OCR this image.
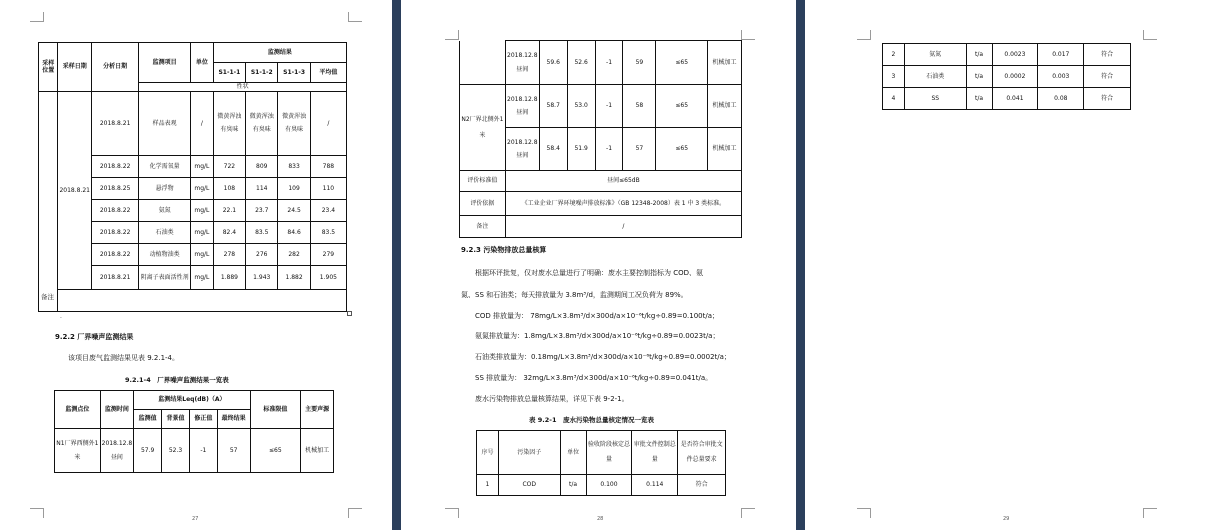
采样位置	采样日期	分析日期	监测项目	单位	监测结果			
					S1-1-1	S1-1-2	S1-1-3	平均值
			性状					
	2018.8.21	2018.8.21	样品表观	/	微黄浑浊有臭味	微黄浑浊有臭味	微黄浑浊有臭味	/
		2018.8.22	化学需氧量	mg/L	722	809	833	788
		2018.8.25	悬浮物	mg/L	108	114	109	110
		2018.8.22	氨氮	mg/L	22.1	23.7	24.5	23.4
		2018.8.22	石油类	mg/L	82.4	83.5	84.6	83.5
		2018.8.22	动植物油类	mg/L	278	276	282	279
		2018.8.21	阴离子表面活性剂	mg/L	1.889	1.943	1.882	1.905

备注
.
9.2.2 厂界噪声监测结果
该项目废气监测结果见表 9.2.1-4。
9.2.1-4　厂界噪声监测结果一览表
监测点位	监测时间	监测结果Leq(dB)（A）				标准限值	主要声源
		监测值	背景值	修正值	最终结果		
N1厂界西侧外1米	2018.12.8昼间	57.9	52.3	-1	57	≤65	机械加工
27
	2018.12.8昼间	59.6	52.6	-1	59	≤65	机械加工
N2厂界北侧外1米	2018.12.8昼间	58.7	53.0	-1	58	≤65	机械加工
	2018.12.8昼间	58.4	51.9	-1	57	≤65	机械加工
评价标准值	昼间≤65dB						
评价依据	《工业企业厂界环境噪声排放标准》（GB 12348-2008）表 1 中 3 类标准。						
备注	/						
9.2.3 污染物排放总量核算
根据环评批复，仅对废水总量进行了明确：废水主要控制指标为 COD、氨
氮、SS 和石油类；每天排放量为 3.8m³/d，监测期间工况负荷为 89%。
COD 排放量为： 78mg/L×3.8m³/d×300d/a×10⁻⁶t/kg÷0.89=0.100t/a；
氨氮排放量为：1.8mg/L×3.8m³/d×300d/a×10⁻⁶t/kg÷0.89=0.0023t/a；
石油类排放量为：0.18mg/L×3.8m³/d×300d/a×10⁻⁶t/kg÷0.89=0.0002t/a；
SS 排放量为： 32mg/L×3.8m³/d×300d/a×10⁻⁶t/kg÷0.89=0.041t/a。
废水污染物排放总量核算结果，详见下表 9-2-1。
表 9.2-1　废水污染物总量核定情况一览表
序号	污染因子	单位	验收阶段核定总量	审批文件控制总量	是否符合审批文件总量要求
1	COD	t/a	0.100	0.114	符合
28
2	氨氮	t/a	0.0023	0.017	符合
3	石油类	t/a	0.0002	0.003	符合
4	SS	t/a	0.041	0.08	符合
29
